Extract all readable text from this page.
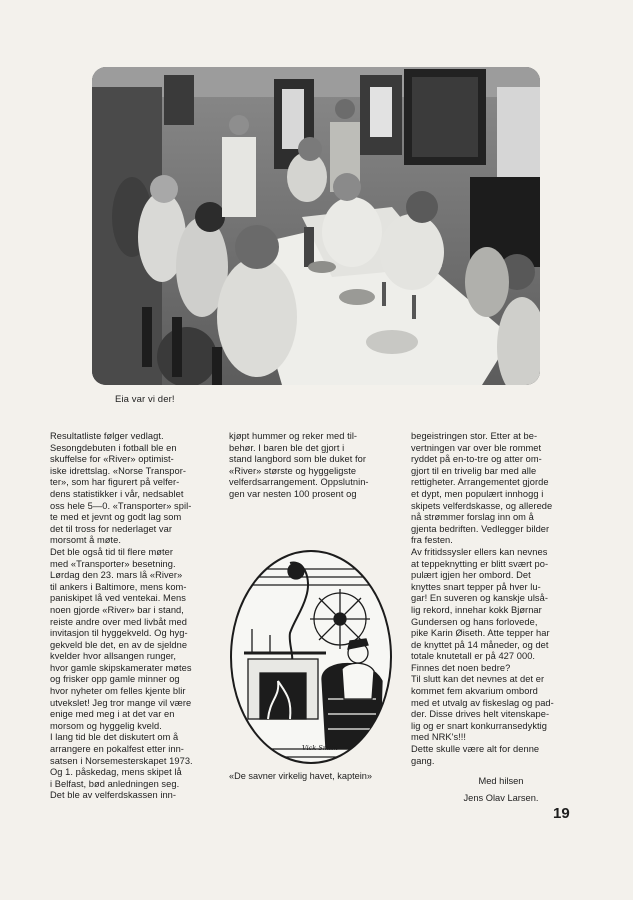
Eia var vi der!
Resultatliste følger vedlagt.
Sesongdebuten i fotball ble en
skuffelse for «River» optimist-
iske idrettslag. «Norse Transpor-
ter», som har figurert på velfer-
dens statistikker i vår, nedsablet
oss hele 5—0. «Transporter» spil-
te med et jevnt og godt lag som
det til tross for nederlaget var
morsomt å møte.
Det ble også tid til flere møter
med «Transporter» besetning.
Lørdag den 23. mars lå «River»
til ankers i Baltimore, mens kom-
paniskipet lå ved ventekai. Mens
noen gjorde «River» bar i stand,
reiste andre over med livbåt med
invitasjon til hyggekveld. Og hyg-
gekveld ble det, en av de sjeldne
kvelder hvor allsangen runger,
hvor gamle skipskamerater møtes
og frisker opp gamle minner og
hvor nyheter om felles kjente blir
utvekslet! Jeg tror mange vil være
enige med meg i at det var en
morsom og hyggelig kveld.
I lang tid ble det diskutert om å
arrangere en pokalfest etter inn-
satsen i Norsemesterskapet 1973.
Og 1. påskedag, mens skipet lå
i Belfast, bød anledningen seg.
Det ble av velferdskassen inn-
kjøpt hummer og reker med til-
behør. I baren ble det gjort i
stand langbord som ble duket for
«River» største og hyggeligste
velferdsarrangement. Oppslutnin-
gen var nesten 100 prosent og
begeistringen stor. Etter at be-
vertningen var over ble rommet
ryddet på en-to-tre og atter om-
gjort til en trivelig bar med alle
rettigheter. Arrangementet gjorde
et dypt, men populært innhogg i
skipets velferdskasse, og allerede
nå strømmer forslag inn om å
gjenta bedriften. Vedlegger bilder
fra festen.
Av fritidssysler ellers kan nevnes
at teppeknytting er blitt svært po-
pulært igjen her ombord. Det
knyttes snart tepper på hver lu-
gar! En suveren og kanskje ulså-
lig rekord, innehar kokk Bjørnar
Gundersen og hans forlovede,
pike Karin Øiseth. Atte tepper har
de knyttet på 14 måneder, og det
totale knutetall er på 427 000.
Finnes det noen bedre?
Til slutt kan det nevnes at det er
kommet fem akvarium ombord
med et utvalg av fiskeslag og pad-
der. Disse drives helt vitenskape-
lig og er snart konkurransedyktig
med NRK's!!!
Dette skulle være alt for denne
gang.
Vick Smith
«De savner virkelig havet, kaptein»	Med hilsen
Jens Olav Larsen.
19
